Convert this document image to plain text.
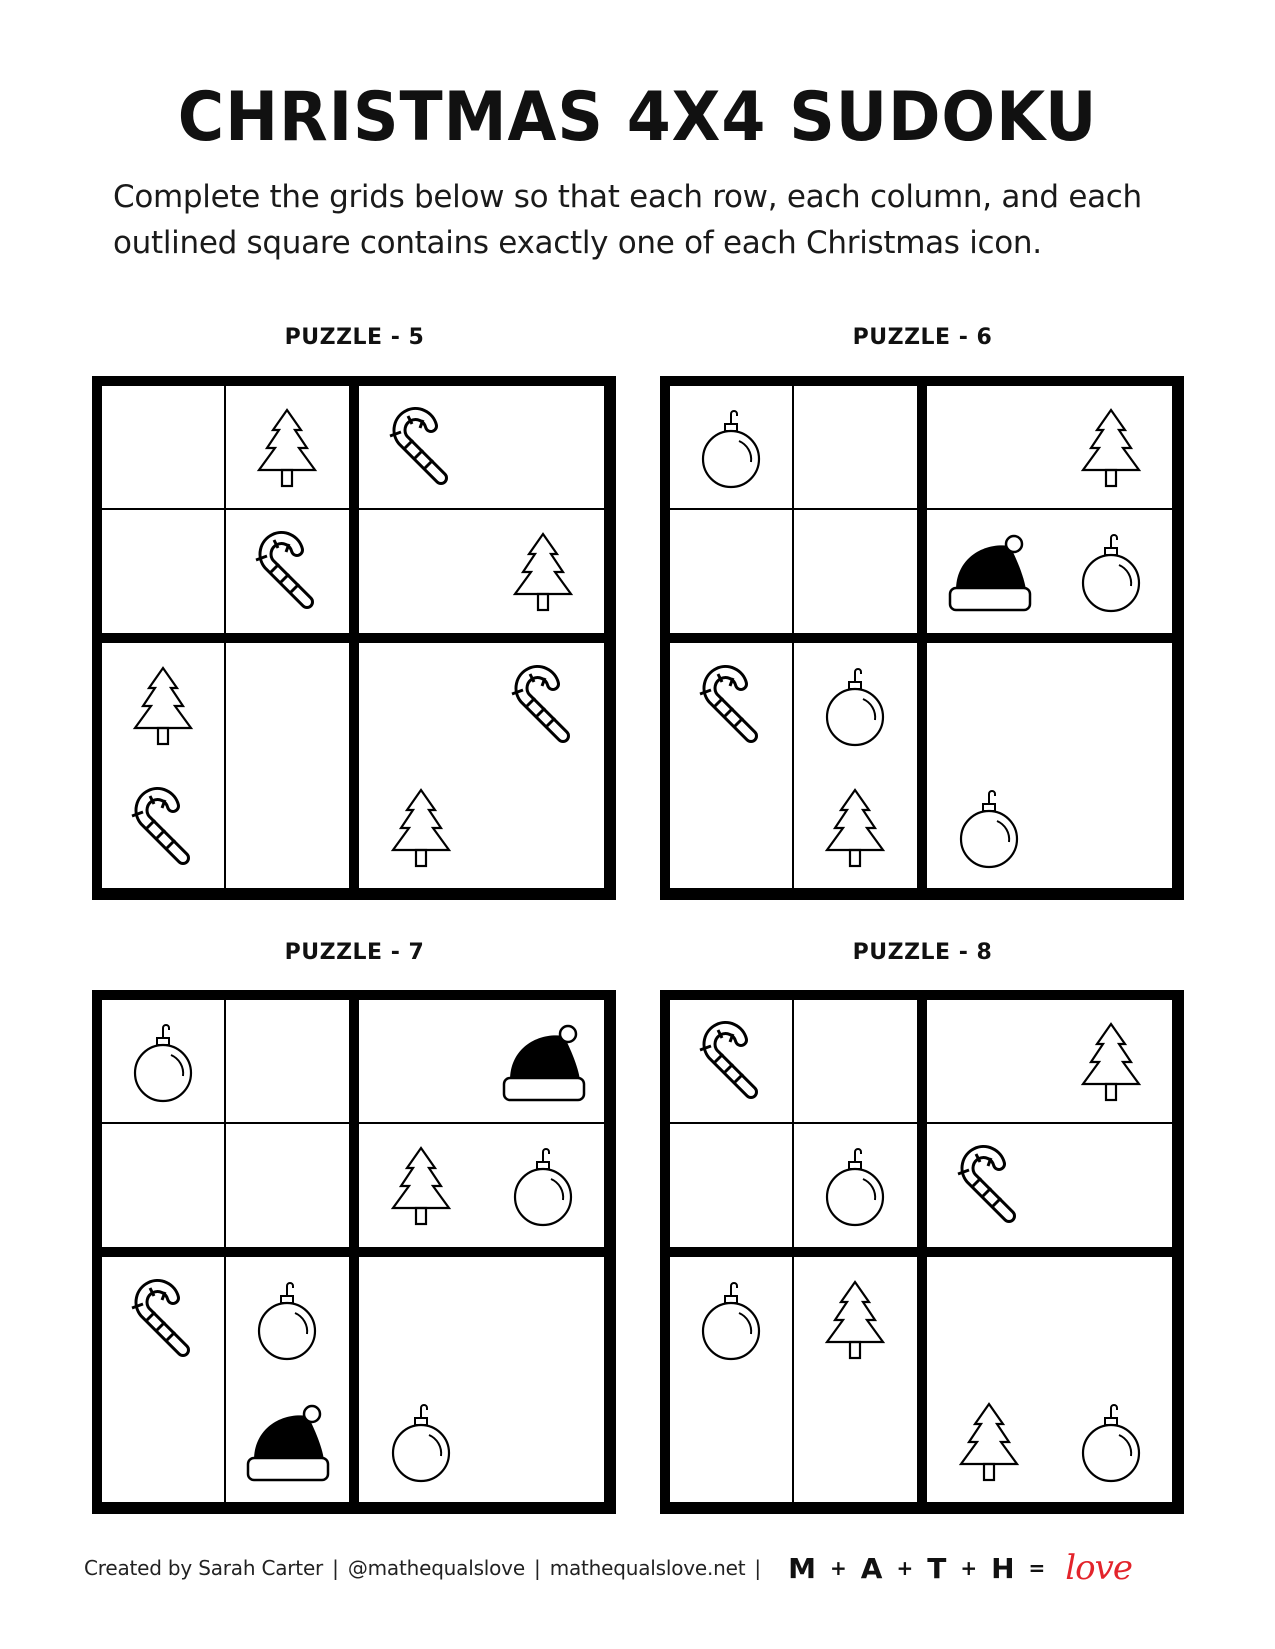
CHRISTMAS 4X4 SUDOKU
Complete the grids below so that each row, each column, and each outlined square contains exactly one of each Christmas icon.
PUZZLE - 5	PUZZLE - 6
PUZZLE - 7	PUZZLE - 8
Created by Sarah Carter | @mathequalslove | mathequalslove.net | M + A + T + H = love
